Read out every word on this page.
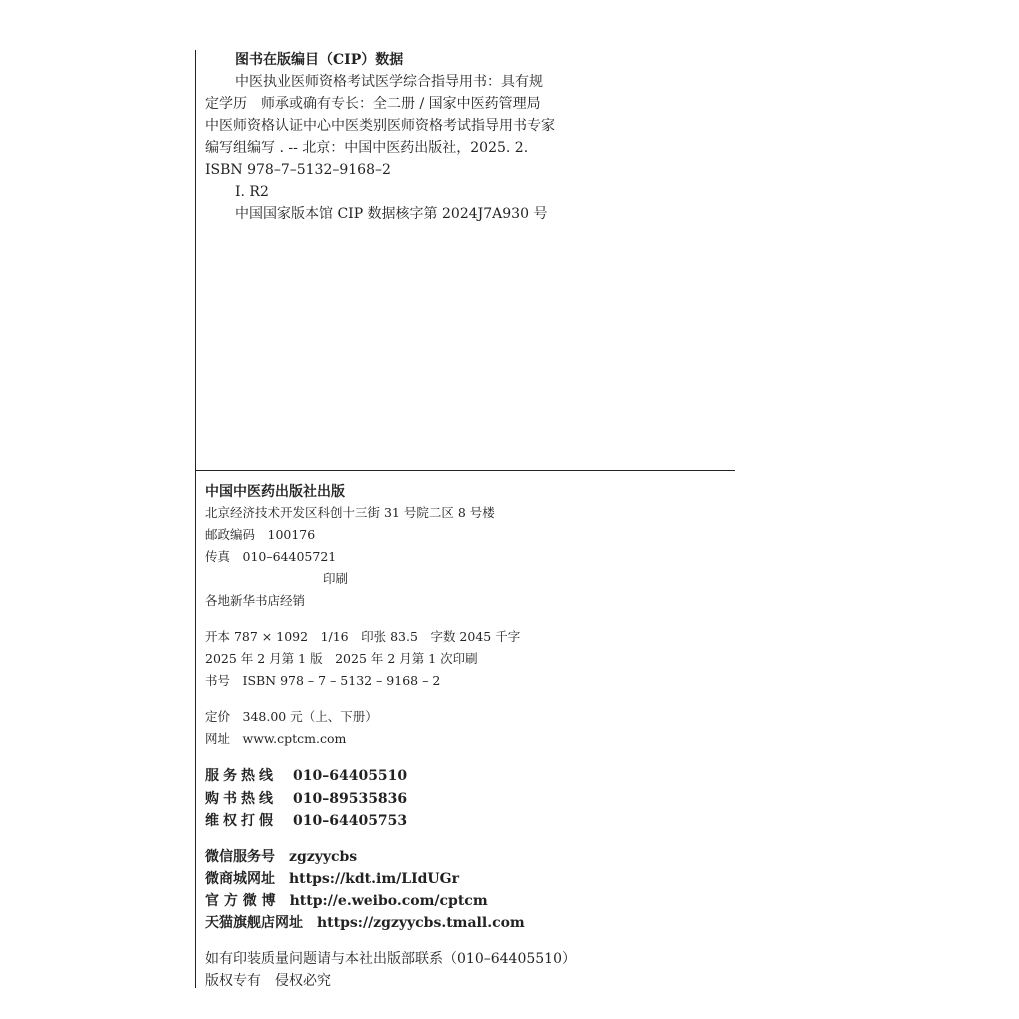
图书在版编目（CIP）数据
中医执业医师资格考试医学综合指导用书：具有规
定学历　师承或确有专长：全二册 / 国家中医药管理局
中医师资格认证中心中医类别医师资格考试指导用书专家
编写组编写 . -- 北京：中国中医药出版社，2025. 2.
ISBN 978–7–5132–9168–2
Ⅰ. R2
中国国家版本馆 CIP 数据核字第 2024J7A930 号
中国中医药出版社出版
北京经济技术开发区科创十三街 31 号院二区 8 号楼
邮政编码　100176
传真　010–64405721
印刷
各地新华书店经销
开本 787 × 1092　1/16　印张 83.5　字数 2045 千字
2025 年 2 月第 1 版　2025 年 2 月第 1 次印刷
书号　ISBN 978 – 7 – 5132 – 9168 – 2
定价　348.00 元（上、下册）
网址　www.cptcm.com
服务热线 010–64405510
购书热线 010–89535836
维权打假 010–64405753
微信服务号 zgzyycbs
微商城网址 https://kdt.im/LIdUGr
官 方 微 博 http://e.weibo.com/cptcm
天猫旗舰店网址 https://zgzyycbs.tmall.com
如有印装质量问题请与本社出版部联系（010–64405510）
版权专有　侵权必究
